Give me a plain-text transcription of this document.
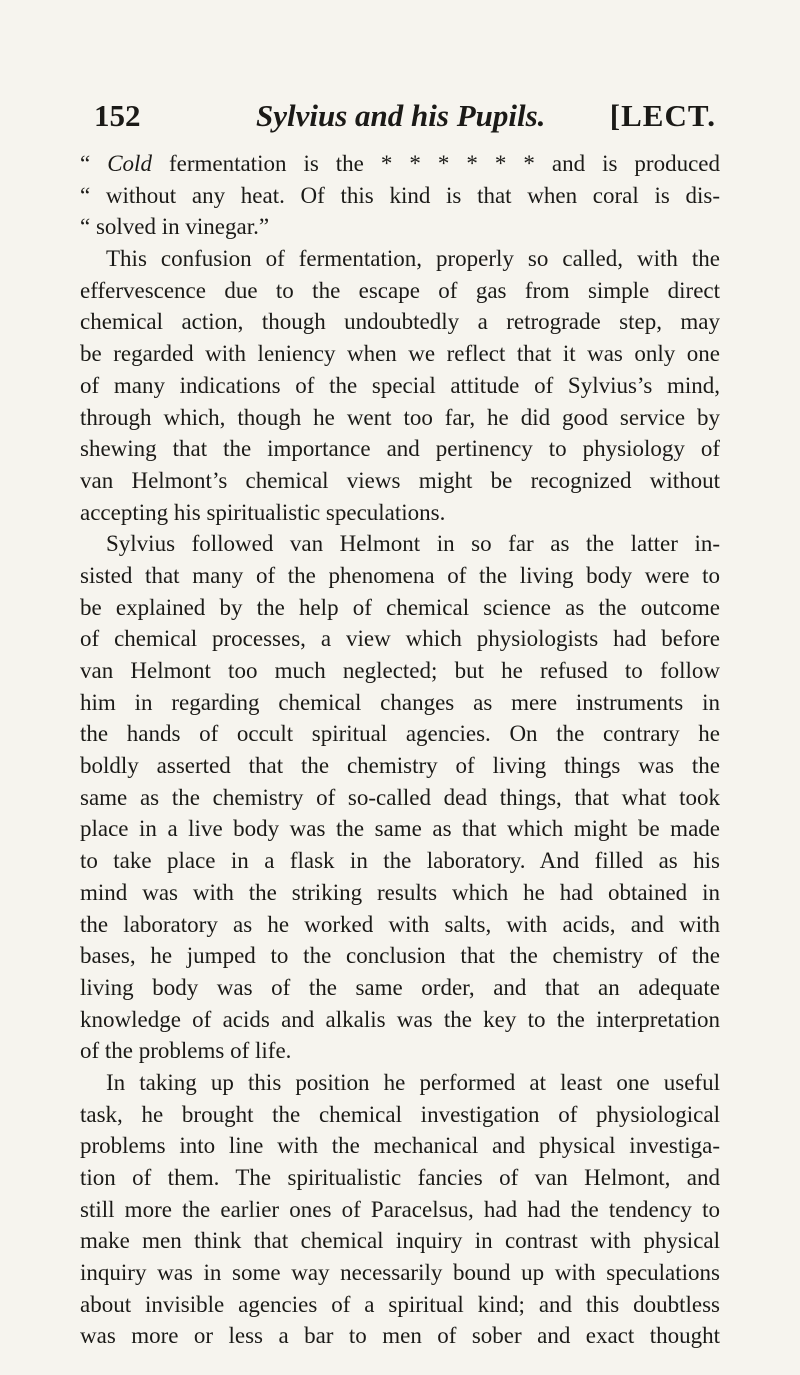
152	Sylvius and his Pupils. [LECT.
“ Cold fermentation is the * * * * * * and is produced
“ without any heat. Of this kind is that when coral is dis-
“ solved in vinegar.”
This confusion of fermentation, properly so called, with the
effervescence due to the escape of gas from simple direct
chemical action, though undoubtedly a retrograde step, may
be regarded with leniency when we reflect that it was only one
of many indications of the special attitude of Sylvius’s mind,
through which, though he went too far, he did good service by
shewing that the importance and pertinency to physiology of
van Helmont’s chemical views might be recognized without
accepting his spiritualistic speculations.
Sylvius followed van Helmont in so far as the latter in-
sisted that many of the phenomena of the living body were to
be explained by the help of chemical science as the outcome
of chemical processes, a view which physiologists had before
van Helmont too much neglected; but he refused to follow
him in regarding chemical changes as mere instruments in
the hands of occult spiritual agencies. On the contrary he
boldly asserted that the chemistry of living things was the
same as the chemistry of so-called dead things, that what took
place in a live body was the same as that which might be made
to take place in a flask in the laboratory. And filled as his
mind was with the striking results which he had obtained in
the laboratory as he worked with salts, with acids, and with
bases, he jumped to the conclusion that the chemistry of the
living body was of the same order, and that an adequate
knowledge of acids and alkalis was the key to the interpretation
of the problems of life.
In taking up this position he performed at least one useful
task, he brought the chemical investigation of physiological
problems into line with the mechanical and physical investiga-
tion of them. The spiritualistic fancies of van Helmont, and
still more the earlier ones of Paracelsus, had had the tendency to
make men think that chemical inquiry in contrast with physical
inquiry was in some way necessarily bound up with speculations
about invisible agencies of a spiritual kind; and this doubtless
was more or less a bar to men of sober and exact thought
